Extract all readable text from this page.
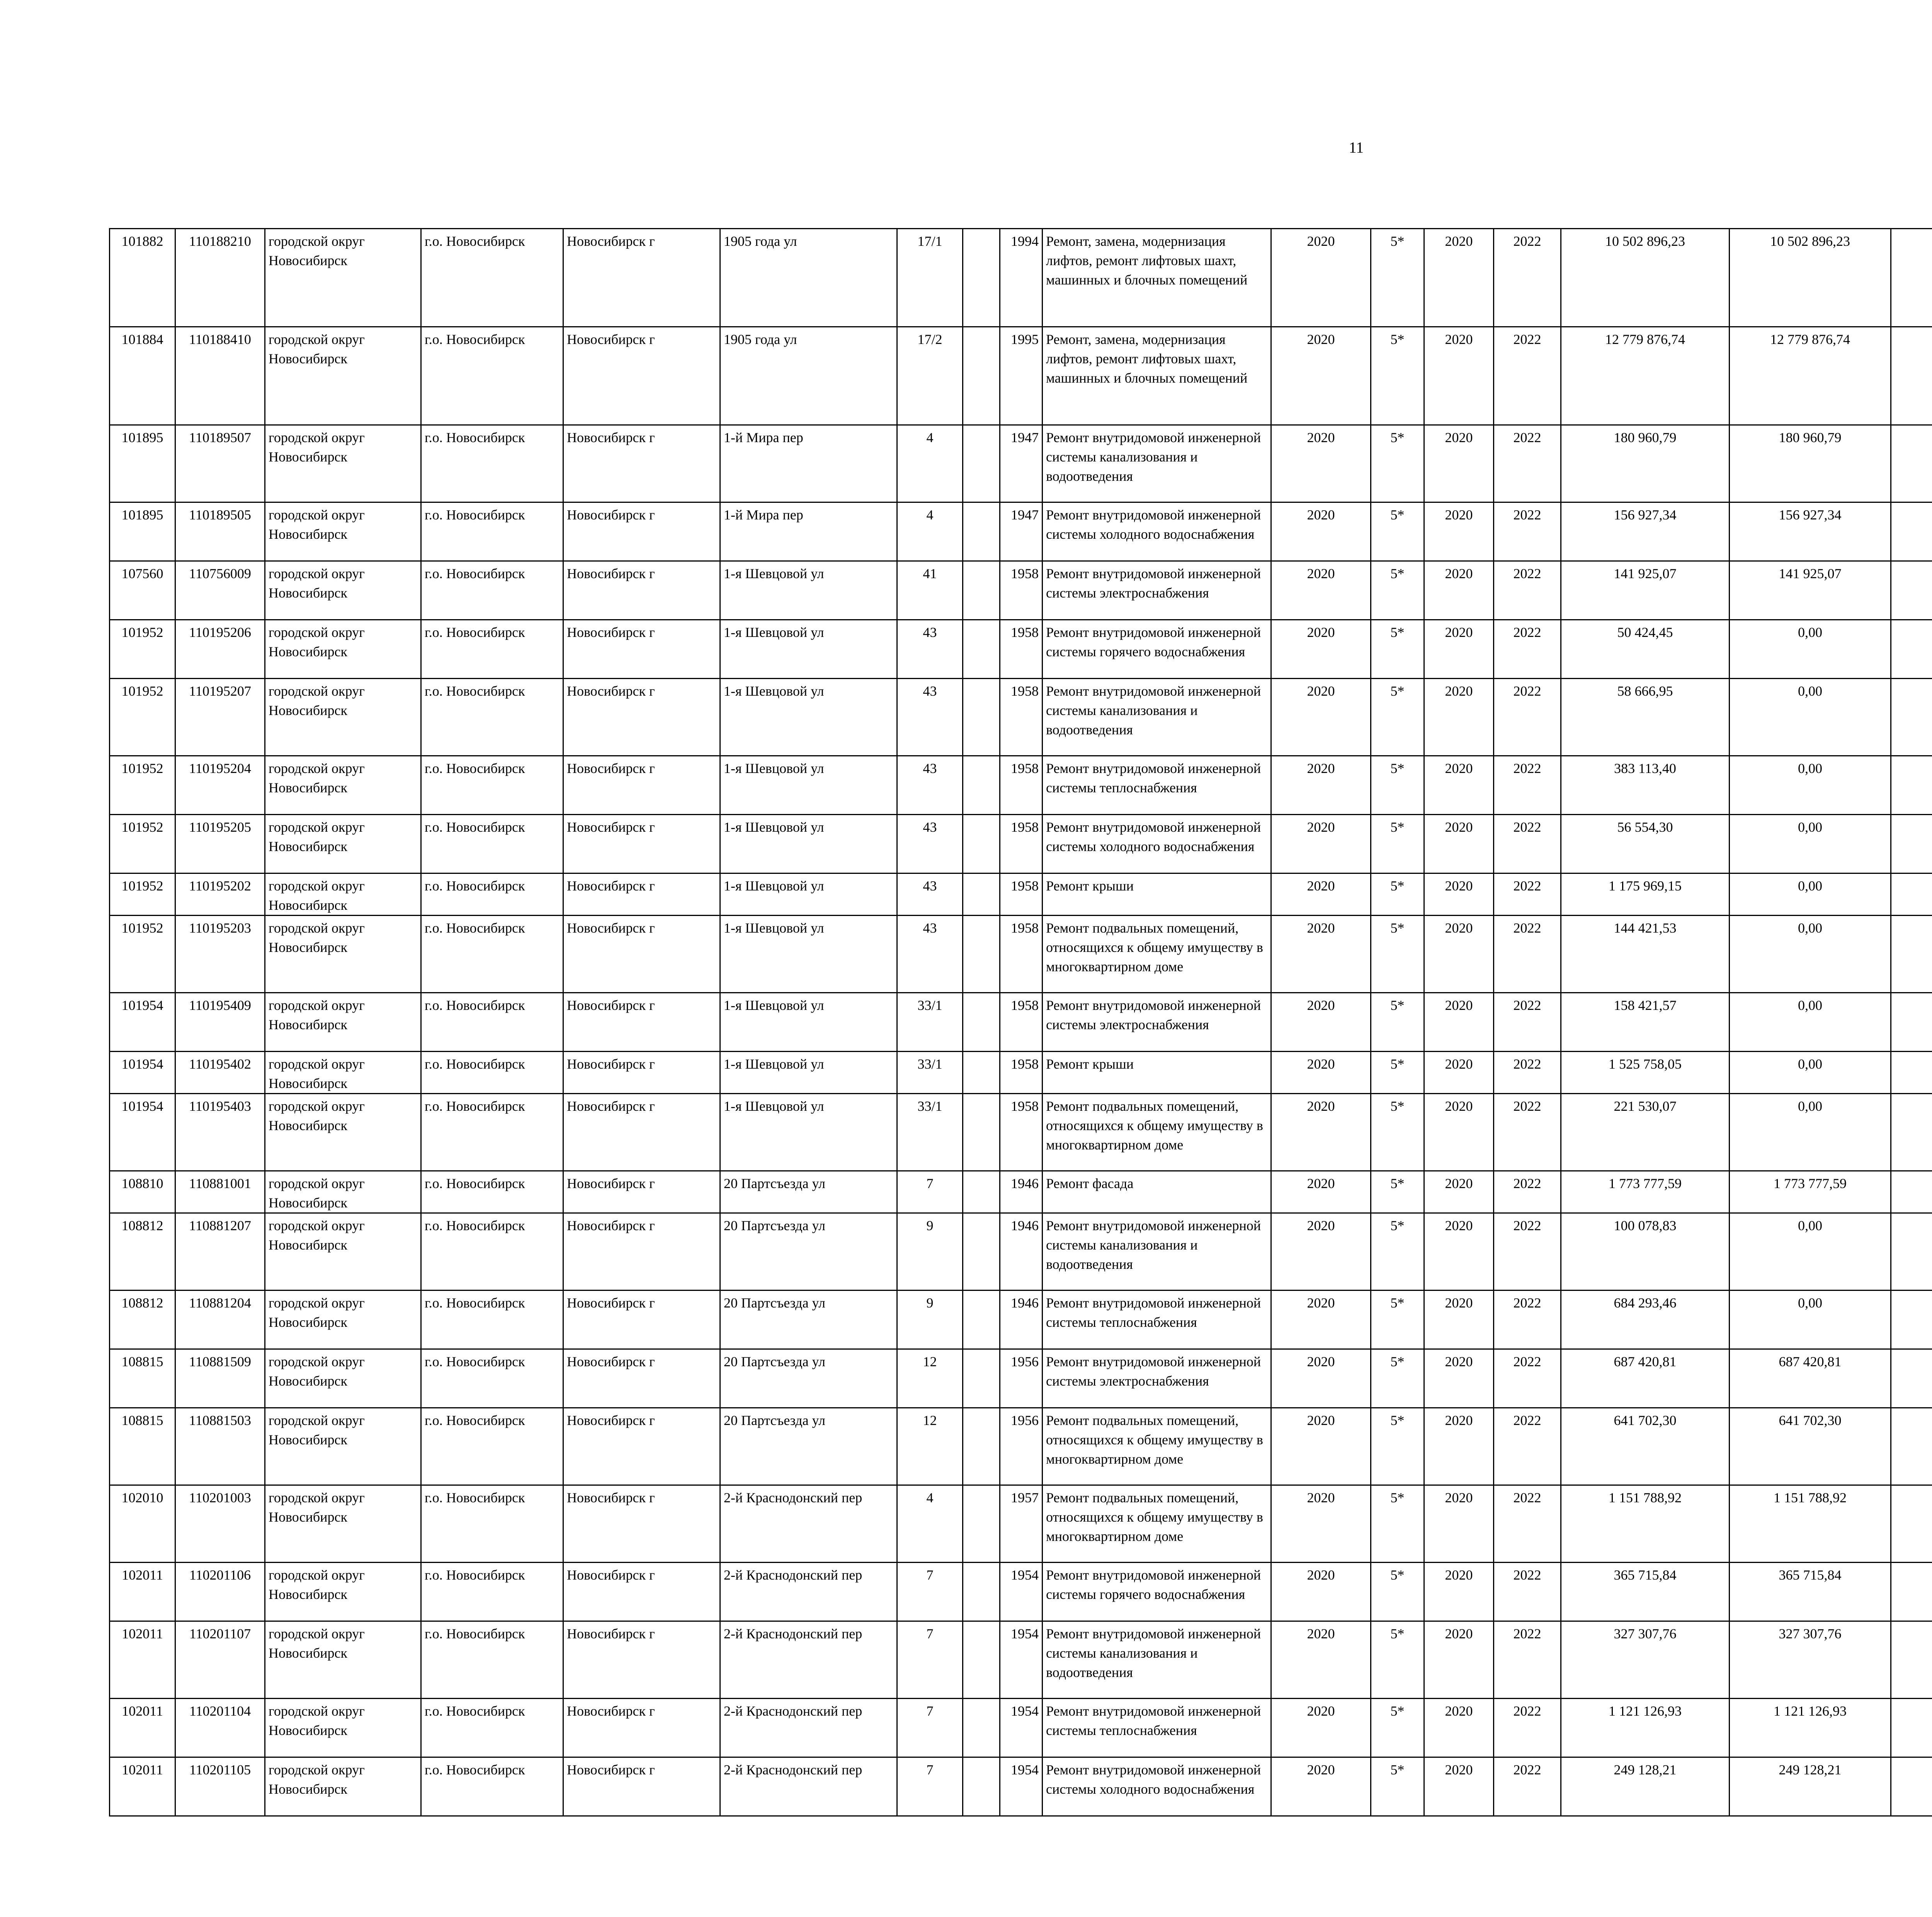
11
101882	110188210	городской округ Новосибирск	г.о. Новосибирск	Новосибирск г	1905 года ул	17/1		1994	Ремонт, замена, модернизация лифтов, ремонт лифтовых шахт, машинных и блочных помещений	2020	5*	2020	2022	10 502 896,23	10 502 896,23						
101884	110188410	городской округ Новосибирск	г.о. Новосибирск	Новосибирск г	1905 года ул	17/2		1995	Ремонт, замена, модернизация лифтов, ремонт лифтовых шахт, машинных и блочных помещений	2020	5*	2020	2022	12 779 876,74	12 779 876,74						
101895	110189507	городской округ Новосибирск	г.о. Новосибирск	Новосибирск г	1-й Мира пер	4		1947	Ремонт внутридомовой инженерной системы канализования и водоотведения	2020	5*	2020	2022	180 960,79	180 960,79						
101895	110189505	городской округ Новосибирск	г.о. Новосибирск	Новосибирск г	1-й Мира пер	4		1947	Ремонт внутридомовой инженерной системы холодного водоснабжения	2020	5*	2020	2022	156 927,34	156 927,34						
107560	110756009	городской округ Новосибирск	г.о. Новосибирск	Новосибирск г	1-я Шевцовой ул	41		1958	Ремонт внутридомовой инженерной системы электроснабжения	2020	5*	2020	2022	141 925,07	141 925,07						
101952	110195206	городской округ Новосибирск	г.о. Новосибирск	Новосибирск г	1-я Шевцовой ул	43		1958	Ремонт внутридомовой инженерной системы горячего водоснабжения	2020	5*	2020	2022	50 424,45	0,00						
101952	110195207	городской округ Новосибирск	г.о. Новосибирск	Новосибирск г	1-я Шевцовой ул	43		1958	Ремонт внутридомовой инженерной системы канализования и водоотведения	2020	5*	2020	2022	58 666,95	0,00						
101952	110195204	городской округ Новосибирск	г.о. Новосибирск	Новосибирск г	1-я Шевцовой ул	43		1958	Ремонт внутридомовой инженерной системы теплоснабжения	2020	5*	2020	2022	383 113,40	0,00						
101952	110195205	городской округ Новосибирск	г.о. Новосибирск	Новосибирск г	1-я Шевцовой ул	43		1958	Ремонт внутридомовой инженерной системы холодного водоснабжения	2020	5*	2020	2022	56 554,30	0,00						
101952	110195202	городской округ Новосибирск	г.о. Новосибирск	Новосибирск г	1-я Шевцовой ул	43		1958	Ремонт крыши	2020	5*	2020	2022	1 175 969,15	0,00						
101952	110195203	городской округ Новосибирск	г.о. Новосибирск	Новосибирск г	1-я Шевцовой ул	43		1958	Ремонт подвальных помещений, относящихся к общему имуществу в многоквартирном доме	2020	5*	2020	2022	144 421,53	0,00						
101954	110195409	городской округ Новосибирск	г.о. Новосибирск	Новосибирск г	1-я Шевцовой ул	33/1		1958	Ремонт внутридомовой инженерной системы электроснабжения	2020	5*	2020	2022	158 421,57	0,00						
101954	110195402	городской округ Новосибирск	г.о. Новосибирск	Новосибирск г	1-я Шевцовой ул	33/1		1958	Ремонт крыши	2020	5*	2020	2022	1 525 758,05	0,00						
101954	110195403	городской округ Новосибирск	г.о. Новосибирск	Новосибирск г	1-я Шевцовой ул	33/1		1958	Ремонт подвальных помещений, относящихся к общему имуществу в многоквартирном доме	2020	5*	2020	2022	221 530,07	0,00						
108810	110881001	городской округ Новосибирск	г.о. Новосибирск	Новосибирск г	20 Партсъезда ул	7		1946	Ремонт фасада	2020	5*	2020	2022	1 773 777,59	1 773 777,59						
108812	110881207	городской округ Новосибирск	г.о. Новосибирск	Новосибирск г	20 Партсъезда ул	9		1946	Ремонт внутридомовой инженерной системы канализования и водоотведения	2020	5*	2020	2022	100 078,83	0,00						
108812	110881204	городской округ Новосибирск	г.о. Новосибирск	Новосибирск г	20 Партсъезда ул	9		1946	Ремонт внутридомовой инженерной системы теплоснабжения	2020	5*	2020	2022	684 293,46	0,00						
108815	110881509	городской округ Новосибирск	г.о. Новосибирск	Новосибирск г	20 Партсъезда ул	12		1956	Ремонт внутридомовой инженерной системы электроснабжения	2020	5*	2020	2022	687 420,81	687 420,81						
108815	110881503	городской округ Новосибирск	г.о. Новосибирск	Новосибирск г	20 Партсъезда ул	12		1956	Ремонт подвальных помещений, относящихся к общему имуществу в многоквартирном доме	2020	5*	2020	2022	641 702,30	641 702,30						
102010	110201003	городской округ Новосибирск	г.о. Новосибирск	Новосибирск г	2-й Краснодонский пер	4		1957	Ремонт подвальных помещений, относящихся к общему имуществу в многоквартирном доме	2020	5*	2020	2022	1 151 788,92	1 151 788,92						
102011	110201106	городской округ Новосибирск	г.о. Новосибирск	Новосибирск г	2-й Краснодонский пер	7		1954	Ремонт внутридомовой инженерной системы горячего водоснабжения	2020	5*	2020	2022	365 715,84	365 715,84						
102011	110201107	городской округ Новосибирск	г.о. Новосибирск	Новосибирск г	2-й Краснодонский пер	7		1954	Ремонт внутридомовой инженерной системы канализования и водоотведения	2020	5*	2020	2022	327 307,76	327 307,76						
102011	110201104	городской округ Новосибирск	г.о. Новосибирск	Новосибирск г	2-й Краснодонский пер	7		1954	Ремонт внутридомовой инженерной системы теплоснабжения	2020	5*	2020	2022	1 121 126,93	1 121 126,93						
102011	110201105	городской округ Новосибирск	г.о. Новосибирск	Новосибирск г	2-й Краснодонский пер	7		1954	Ремонт внутридомовой инженерной системы холодного водоснабжения	2020	5*	2020	2022	249 128,21	249 128,21						
